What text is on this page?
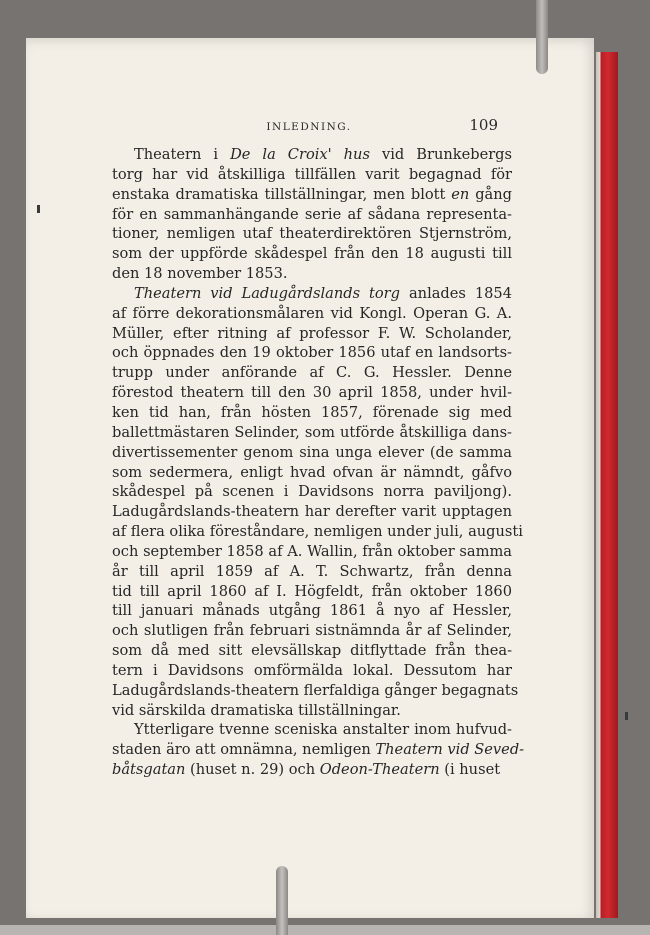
INLEDNING.	109
Theatern i De la Croix' hus vid Brunkebergs
torg har vid åtskilliga tillfällen varit begagnad för
enstaka dramatiska tillställningar, men blott en gång
för en sammanhängande serie af sådana representa-
tioner, nemligen utaf theaterdirektören Stjernström,
som der uppförde skådespel från den 18 augusti till
den 18 november 1853.
Theatern vid Ladugårdslands torg anlades 1854
af förre dekorationsmålaren vid Kongl. Operan G. A.
Müller, efter ritning af professor F. W. Scholander,
och öppnades den 19 oktober 1856 utaf en landsorts-
trupp under anförande af C. G. Hessler. Denne
förestod theatern till den 30 april 1858, under hvil-
ken tid han, från hösten 1857, förenade sig med
ballettmästaren Selinder, som utförde åtskilliga dans-
divertissementer genom sina unga elever (de samma
som sedermera, enligt hvad ofvan är nämndt, gåfvo
skådespel på scenen i Davidsons norra paviljong).
Ladugårdslands-theatern har derefter varit upptagen
af flera olika föreståndare, nemligen under juli, augusti
och september 1858 af A. Wallin, från oktober samma
år till april 1859 af A. T. Schwartz, från denna
tid till april 1860 af I. Högfeldt, från oktober 1860
till januari månads utgång 1861 å nyo af Hessler,
och slutligen från februari sistnämnda år af Selinder,
som då med sitt elevsällskap ditflyttade från thea-
tern i Davidsons omförmälda lokal. Dessutom har
Ladugårdslands-theatern flerfaldiga gånger begagnats
vid särskilda dramatiska tillställningar.
Ytterligare tvenne sceniska anstalter inom hufvud-
staden äro att omnämna, nemligen Theatern vid Seved-
båtsgatan (huset n. 29) och Odeon-Theatern (i huset
